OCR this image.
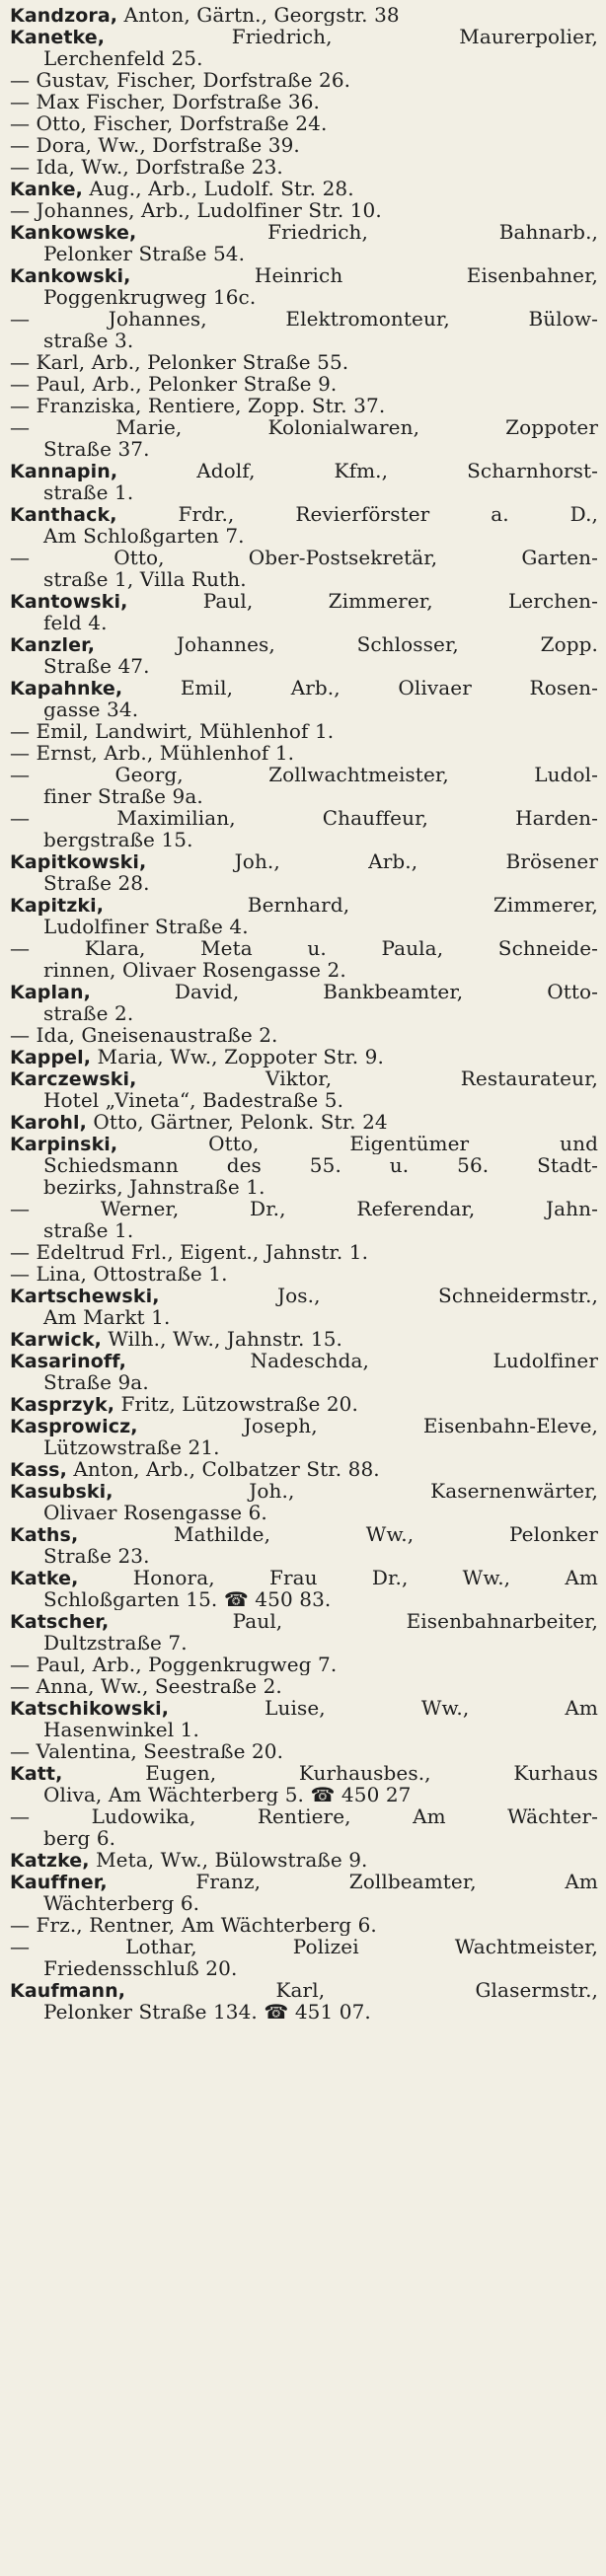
Kandzora, Anton, Gärtn., Georgstr. 38
Kanetke, Friedrich, Maurerpolier,
Lerchenfeld 25.
— Gustav, Fischer, Dorfstraße 26.
— Max Fischer, Dorfstraße 36.
— Otto, Fischer, Dorfstraße 24.
— Dora, Ww., Dorfstraße 39.
— Ida, Ww., Dorfstraße 23.
Kanke, Aug., Arb., Ludolf. Str. 28.
— Johannes, Arb., Ludolfiner Str. 10.
Kankowske, Friedrich, Bahnarb.,
Pelonker Straße 54.
Kankowski, Heinrich Eisenbahner,
Poggenkrugweg 16c.
— Johannes, Elektromonteur, Bülow-
straße 3.
— Karl, Arb., Pelonker Straße 55.
— Paul, Arb., Pelonker Straße 9.
— Franziska, Rentiere, Zopp. Str. 37.
— Marie, Kolonialwaren, Zoppoter
Straße 37.
Kannapin, Adolf, Kfm., Scharnhorst-
straße 1.
Kanthack, Frdr., Revierförster a. D.,
Am Schloßgarten 7.
— Otto, Ober-Postsekretär, Garten-
straße 1, Villa Ruth.
Kantowski, Paul, Zimmerer, Lerchen-
feld 4.
Kanzler, Johannes, Schlosser, Zopp.
Straße 47.
Kapahnke, Emil, Arb., Olivaer Rosen-
gasse 34.
— Emil, Landwirt, Mühlenhof 1.
— Ernst, Arb., Mühlenhof 1.
— Georg, Zollwachtmeister, Ludol-
finer Straße 9a.
— Maximilian, Chauffeur, Harden-
bergstraße 15.
Kapitkowski, Joh., Arb., Brösener
Straße 28.
Kapitzki, Bernhard, Zimmerer,
Ludolfiner Straße 4.
— Klara, Meta u. Paula, Schneide-
rinnen, Olivaer Rosengasse 2.
Kaplan, David, Bankbeamter, Otto-
straße 2.
— Ida, Gneisenaustraße 2.
Kappel, Maria, Ww., Zoppoter Str. 9.
Karczewski, Viktor, Restaurateur,
Hotel „Vineta“, Badestraße 5.
Karohl, Otto, Gärtner, Pelonk. Str. 24
Karpinski, Otto, Eigentümer und
Schiedsmann des 55. u. 56. Stadt-
bezirks, Jahnstraße 1.
— Werner, Dr., Referendar, Jahn-
straße 1.
— Edeltrud Frl., Eigent., Jahnstr. 1.
— Lina, Ottostraße 1.
Kartschewski, Jos., Schneidermstr.,
Am Markt 1.
Karwick, Wilh., Ww., Jahnstr. 15.
Kasarinoff, Nadeschda, Ludolfiner
Straße 9a.
Kasprzyk, Fritz, Lützowstraße 20.
Kasprowicz, Joseph, Eisenbahn-Eleve,
Lützowstraße 21.
Kass, Anton, Arb., Colbatzer Str. 88.
Kasubski, Joh., Kasernenwärter,
Olivaer Rosengasse 6.
Kaths, Mathilde, Ww., Pelonker
Straße 23.
Katke, Honora, Frau Dr., Ww., Am
Schloßgarten 15. ☎ 450 83.
Katscher, Paul, Eisenbahnarbeiter,
Dultzstraße 7.
— Paul, Arb., Poggenkrugweg 7.
— Anna, Ww., Seestraße 2.
Katschikowski, Luise, Ww., Am
Hasenwinkel 1.
— Valentina, Seestraße 20.
Katt, Eugen, Kurhausbes., Kurhaus
Oliva, Am Wächterberg 5. ☎ 450 27
— Ludowika, Rentiere, Am Wächter-
berg 6.
Katzke, Meta, Ww., Bülowstraße 9.
Kauffner, Franz, Zollbeamter, Am
Wächterberg 6.
— Frz., Rentner, Am Wächterberg 6.
— Lothar, Polizei Wachtmeister,
Friedensschluß 20.
Kaufmann, Karl, Glasermstr.,
Pelonker Straße 134. ☎ 451 07.
